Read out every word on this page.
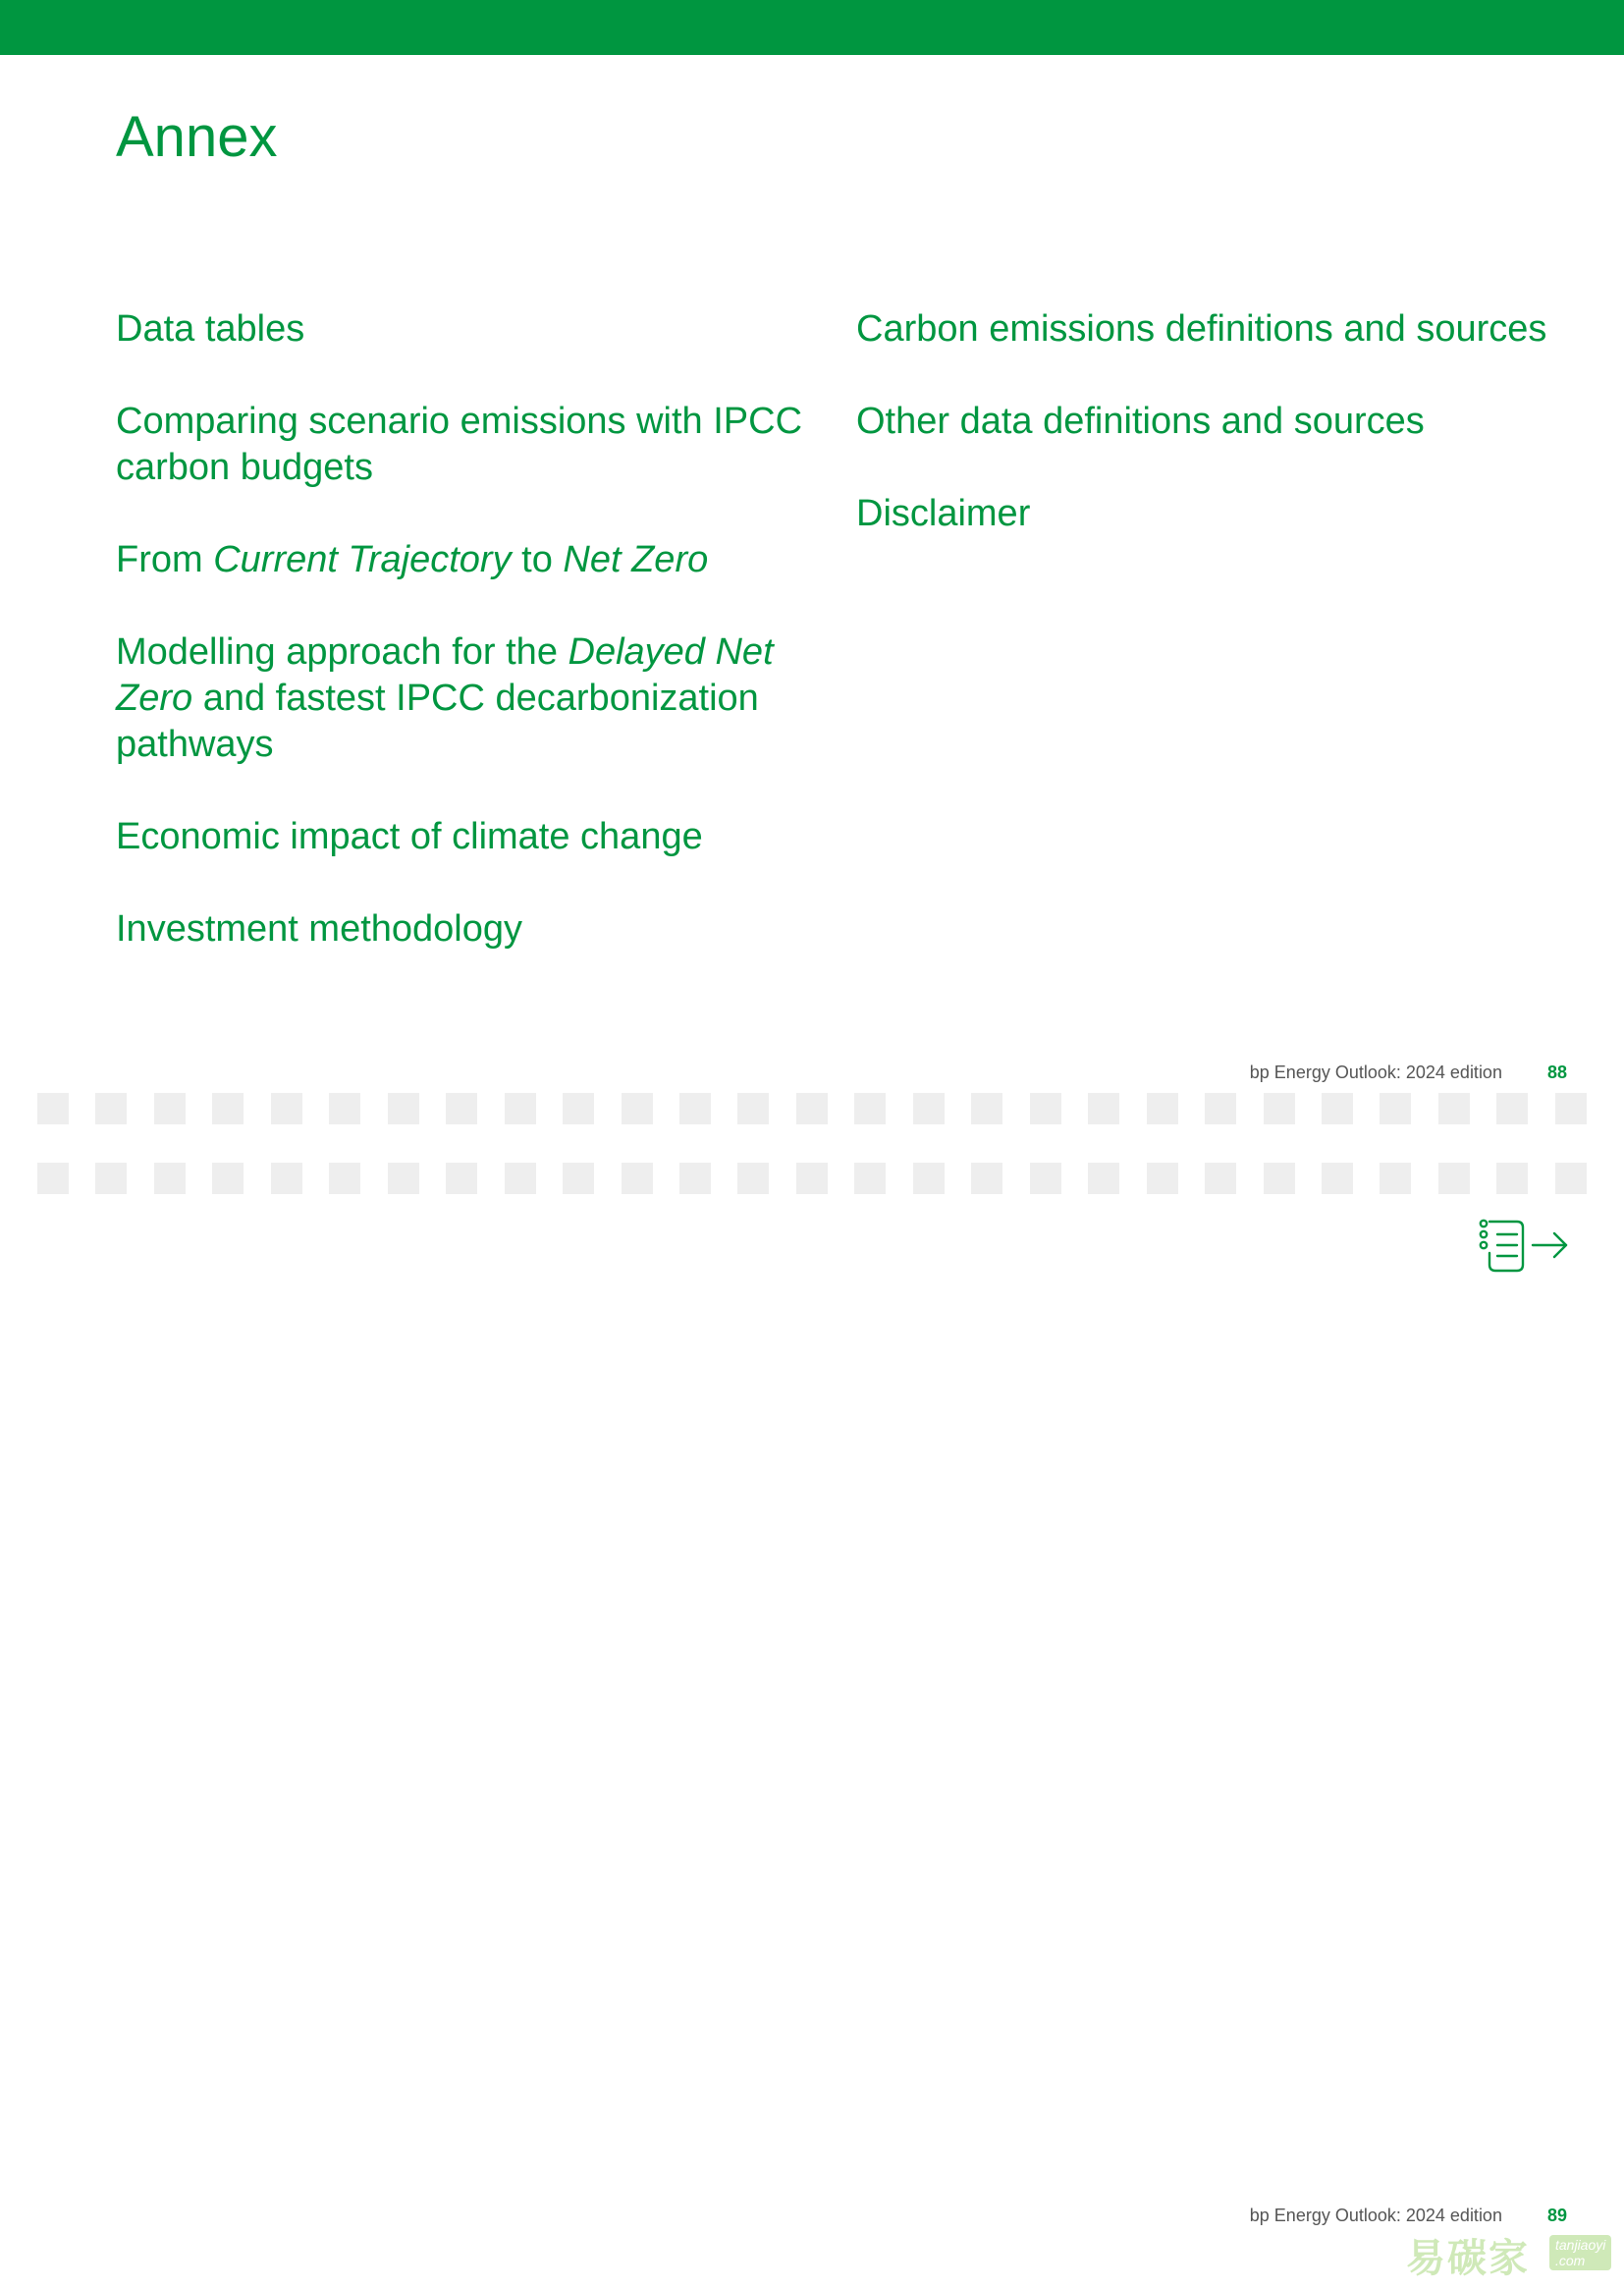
Annex
Data tables
Comparing scenario emissions with IPCC carbon budgets
From Current Trajectory to Net Zero
Modelling approach for the Delayed Net Zero and fastest IPCC decarbonization pathways
Economic impact of climate change
Investment methodology
Carbon emissions definitions and sources
Other data definitions and sources
Disclaimer
bp Energy Outlook: 2024 edition	88
bp Energy Outlook: 2024 edition	89
易碳家	tanjiaoyi .com
